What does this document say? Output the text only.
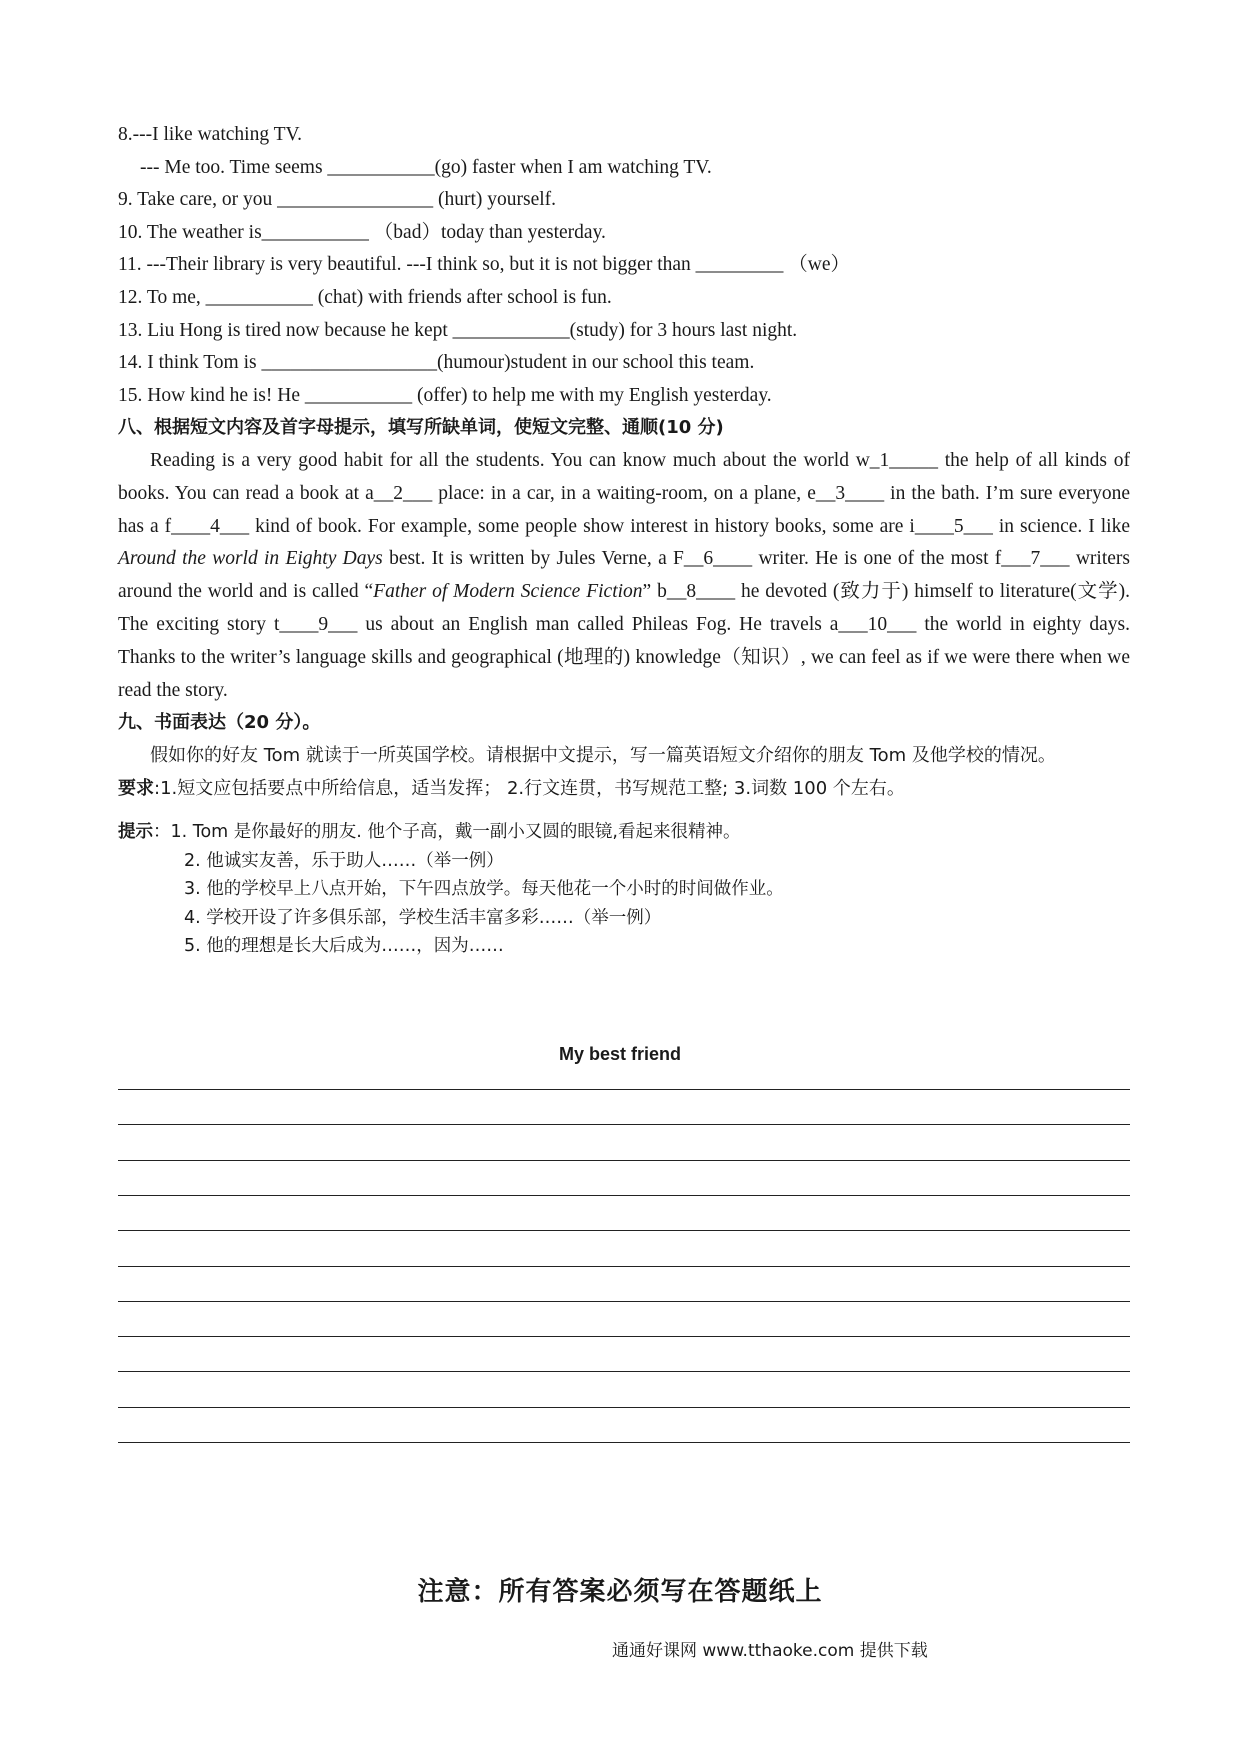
8.---I like watching TV.
--- Me too. Time seems ___________(go) faster when I am watching TV.
9. Take care, or you ________________ (hurt) yourself.
10. The weather is___________ （bad）today than yesterday.
11. ---Their library is very beautiful. ---I think so, but it is not bigger than _________ （we）
12. To me, ___________ (chat) with friends after school is fun.
13. Liu Hong is tired now because he kept ____________(study) for 3 hours last night.
14. I think Tom is __________________(humour)student in our school this team.
15. How kind he is! He ___________ (offer) to help me with my English yesterday.
八、根据短文内容及首字母提示，填写所缺单词，使短文完整、通顺(10 分)

Reading is a very good habit for all the students. You can know much about the world w_1_____ the help of all kinds of books. You can read a book at a__2___ place: in a car, in a waiting-room, on a plane, e__3____ in the bath. I’m sure everyone has a f____4___ kind of book. For example, some people show interest in history books, some are i____5___ in science. I like Around the world in Eighty Days best. It is written by Jules Verne, a F__6____ writer. He is one of the most f___7___ writers around the world and is called “Father of Modern Science Fiction” b__8____ he devoted (致力于) himself to literature(文学). The exciting story t____9___ us about an English man called Phileas Fog. He travels a___10___ the world in eighty days. Thanks to the writer’s language skills and geographical (地理的) knowledge（知识）, we can feel as if we were there when we read the story.

九、书面表达（20 分）。

假如你的好友 Tom 就读于一所英国学校。请根据中文提示，写一篇英语短文介绍你的朋友 Tom 及他学校的情况。

要求:1.短文应包括要点中所给信息，适当发挥； 2.行文连贯，书写规范工整; 3.词数 100 个左右。
提示：1. Tom 是你最好的朋友. 他个子高，戴一副小又圆的眼镜,看起来很精神。
2. 他诚实友善，乐于助人……（举一例）
3. 他的学校早上八点开始，下午四点放学。每天他花一个小时的时间做作业。
4. 学校开设了许多俱乐部，学校生活丰富多彩……（举一例）
5. 他的理想是长大后成为……，因为……
My best friend
注意：所有答案必须写在答题纸上
通通好课网 www.tthaoke.com 提供下载
